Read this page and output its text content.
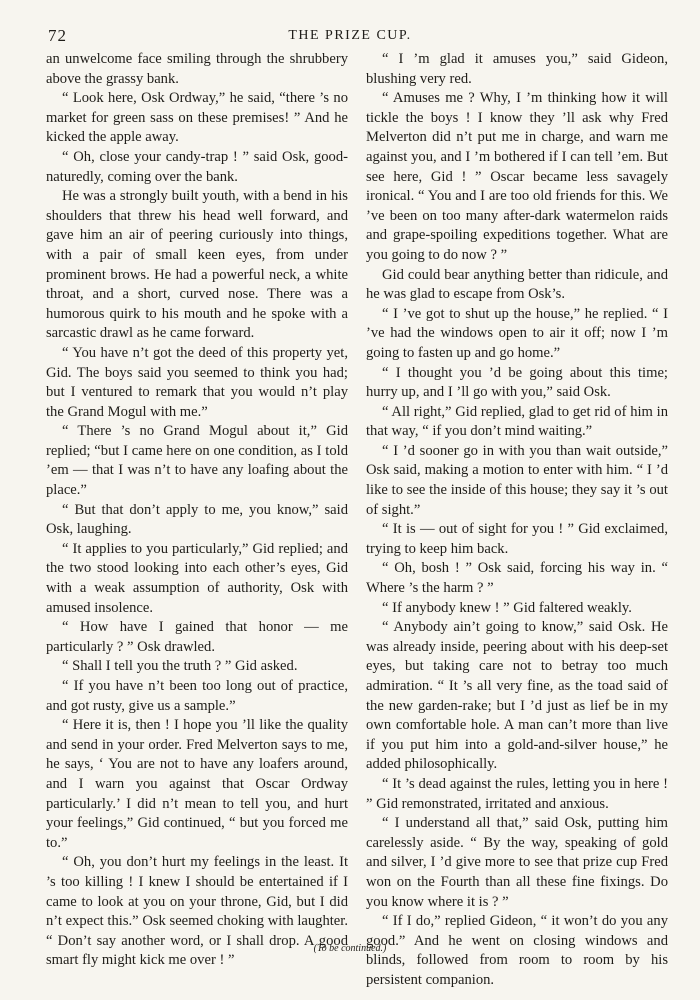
72	THE PRIZE CUP.

an unwelcome face smiling through the shrubbery above the grassy bank.

“ Look here, Osk Ordway,” he said, “there ’s no market for green sass on these premises! ” And he kicked the apple away.

“ Oh, close your candy-trap ! ” said Osk, good-naturedly, coming over the bank.

He was a strongly built youth, with a bend in his shoulders that threw his head well forward, and gave him an air of peering curiously into things, with a pair of small keen eyes, from under prominent brows. He had a powerful neck, a white throat, and a short, curved nose. There was a humorous quirk to his mouth and he spoke with a sarcastic drawl as he came forward.

“ You have n’t got the deed of this property yet, Gid. The boys said you seemed to think you had; but I ventured to remark that you would n’t play the Grand Mogul with me.”

“ There ’s no Grand Mogul about it,” Gid replied; “but I came here on one condition, as I told ’em — that I was n’t to have any loafing about the place.”

“ But that don’t apply to me, you know,” said Osk, laughing.

“ It applies to you particularly,” Gid replied; and the two stood looking into each other’s eyes, Gid with a weak assumption of authority, Osk with amused insolence.

“ How have I gained that honor — me particularly ? ” Osk drawled.

“ Shall I tell you the truth ? ” Gid asked.

“ If you have n’t been too long out of practice, and got rusty, give us a sample.”

“ Here it is, then ! I hope you ’ll like the quality and send in your order. Fred Melverton says to me, he says, ‘ You are not to have any loafers around, and I warn you against that Oscar Ordway particularly.’ I did n’t mean to tell you, and hurt your feelings,” Gid continued, “ but you forced me to.”

“ Oh, you don’t hurt my feelings in the least. It ’s too killing ! I knew I should be entertained if I came to look at you on your throne, Gid, but I did n’t expect this.” Osk seemed choking with laughter. “ Don’t say another word, or I shall drop. A good smart fly might kick me over ! ”

“ I ’m glad it amuses you,” said Gideon, blushing very red.

“ Amuses me ? Why, I ’m thinking how it will tickle the boys ! I know they ’ll ask why Fred Melverton did n’t put me in charge, and warn me against you, and I ’m bothered if I can tell ’em. But see here, Gid ! ” Oscar became less savagely ironical. “ You and I are too old friends for this. We ’ve been on too many after-dark watermelon raids and grape-spoiling expeditions together. What are you going to do now ? ”

Gid could bear anything better than ridicule, and he was glad to escape from Osk’s.

“ I ’ve got to shut up the house,” he replied. “ I ’ve had the windows open to air it off; now I ’m going to fasten up and go home.”

“ I thought you ’d be going about this time; hurry up, and I ’ll go with you,” said Osk.

“ All right,” Gid replied, glad to get rid of him in that way, “ if you don’t mind waiting.”

“ I ’d sooner go in with you than wait outside,” Osk said, making a motion to enter with him. “ I ’d like to see the inside of this house; they say it ’s out of sight.”

“ It is — out of sight for you ! ” Gid exclaimed, trying to keep him back.

“ Oh, bosh ! ” Osk said, forcing his way in. “ Where ’s the harm ? ”

“ If anybody knew ! ” Gid faltered weakly.

“ Anybody ain’t going to know,” said Osk. He was already inside, peering about with his deep-set eyes, but taking care not to betray too much admiration. “ It ’s all very fine, as the toad said of the new garden-rake; but I ’d just as lief be in my own comfortable hole. A man can’t more than live if you put him into a gold-and-silver house,” he added philosophically.

“ It ’s dead against the rules, letting you in here ! ” Gid remonstrated, irritated and anxious.

“ I understand all that,” said Osk, putting him carelessly aside. “ By the way, speaking of gold and silver, I ’d give more to see that prize cup Fred won on the Fourth than all these fine fixings. Do you know where it is ? ”

“ If I do,” replied Gideon, “ it won’t do you any good.” And he went on closing windows and blinds, followed from room to room by his persistent companion.

(To be continued.)
